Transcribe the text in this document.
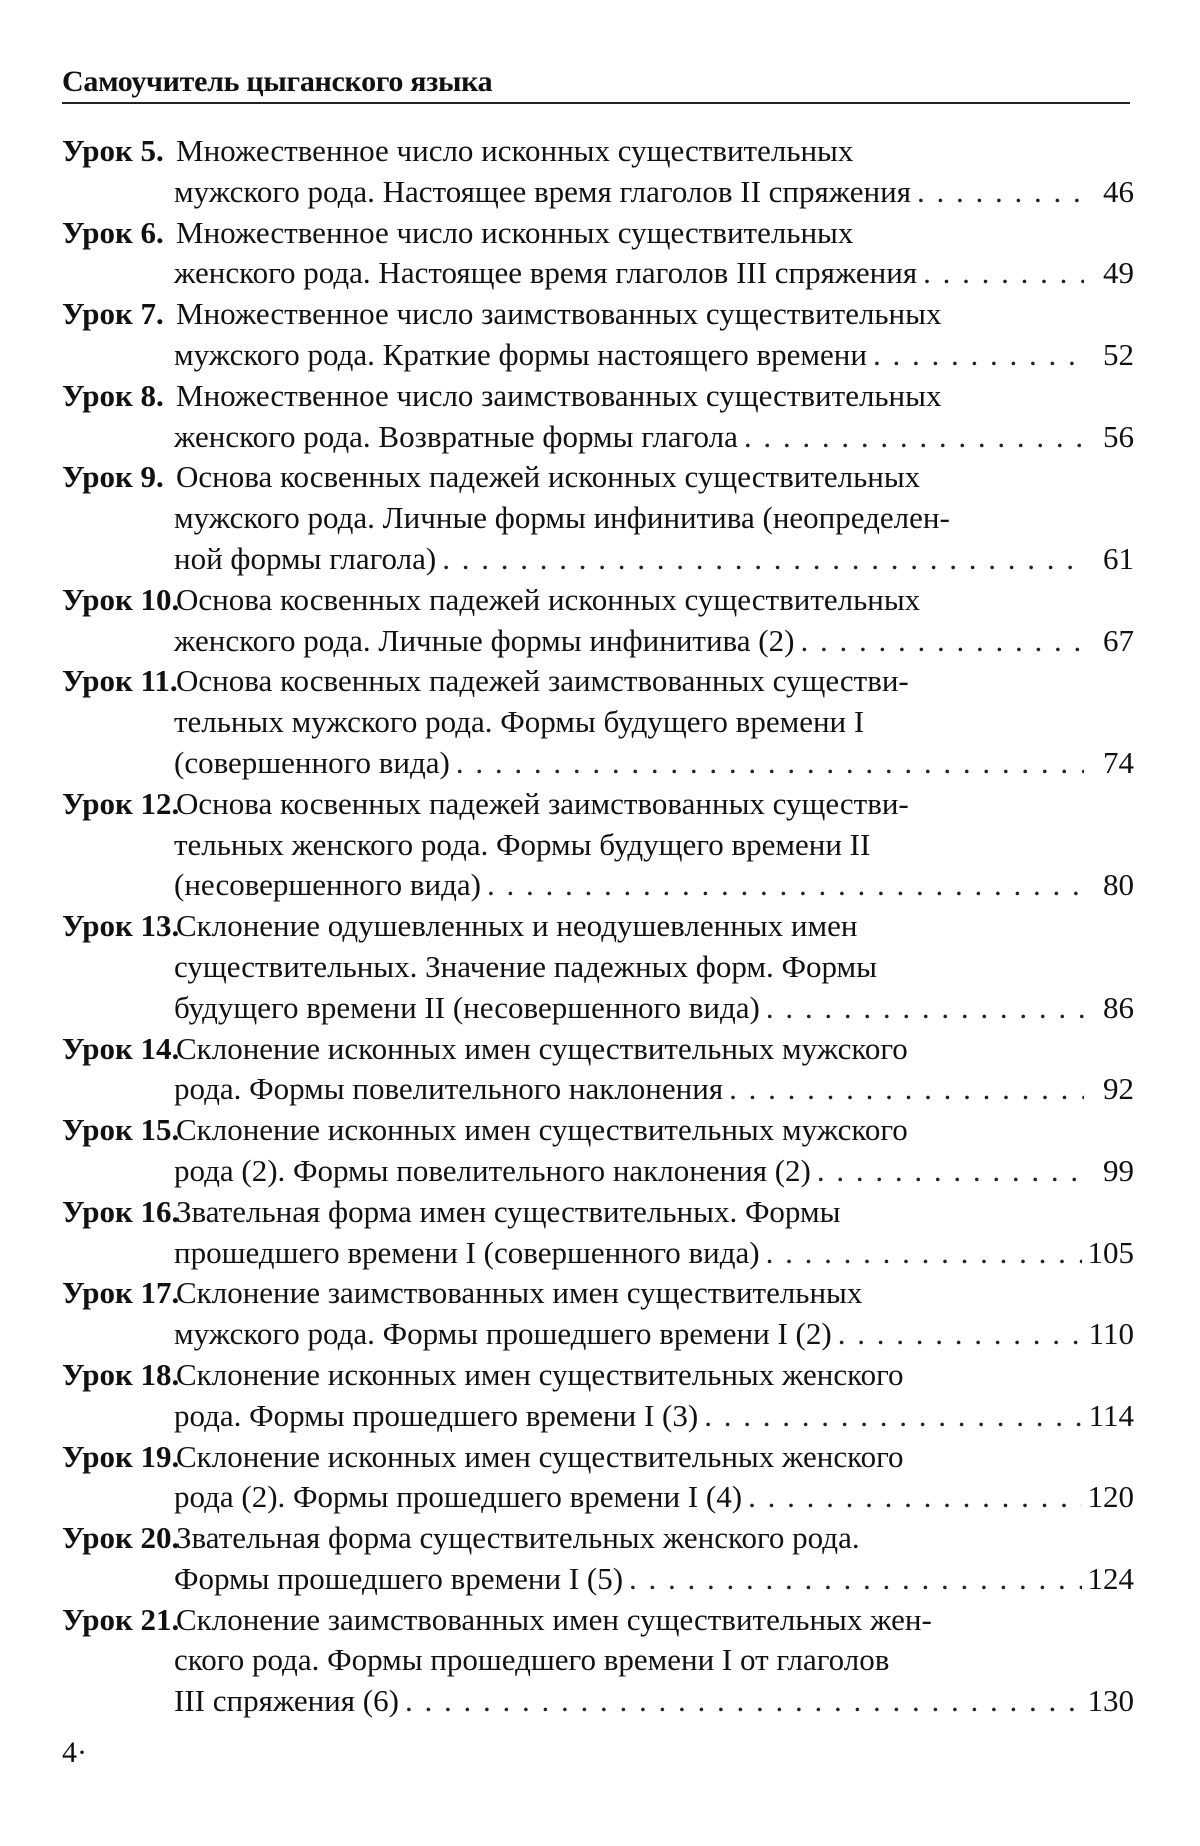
Самоучитель цыганского языка
Урок 5. Множественное число исконных существительных
мужского рода. Настоящее время глаголов II спряжения . . .	46
Урок 6. Множественное число исконных существительных
женского рода. Настоящее время глаголов III спряжения . . .	49
Урок 7. Множественное число заимствованных существительных
мужского рода. Краткие формы настоящего времени . . .	52
Урок 8. Множественное число заимствованных существительных
женского рода. Возвратные формы глагола . . .	56
Урок 9. Основа косвенных падежей исконных существительных
мужского рода. Личные формы инфинитива (неопределен-
ной формы глагола) . . .	61
Урок 10.
Основа косвенных падежей исконных существительных
женского рода. Личные формы инфинитива (2) . . .	67
Урок 11.
Основа косвенных падежей заимствованных существи-
тельных мужского рода. Формы будущего времени I
(совершенного вида) . . .	74
Урок 12.
Основа косвенных падежей заимствованных существи-
тельных женского рода. Формы будущего времени II
(несовершенного вида) . . .	80
Урок 13.
Склонение одушевленных и неодушевленных имен
существительных. Значение падежных форм. Формы
будущего времени II (несовершенного вида) . . .	86
Урок 14.
Склонение исконных имен существительных мужского
рода. Формы повелительного наклонения . . .	92
Урок 15.
Склонение исконных имен существительных мужского
рода (2). Формы повелительного наклонения (2) . . .	99
Урок 16.
Звательная форма имен существительных. Формы
прошедшего времени I (совершенного вида) . . .	105
Урок 17.
Склонение заимствованных имен существительных
мужского рода. Формы прошедшего времени I (2) . . .	110
Урок 18.
Склонение исконных имен существительных женского
рода. Формы прошедшего времени I (3) . . .	114
Урок 19.
Склонение исконных имен существительных женского
рода (2). Формы прошедшего времени I (4) . . .	120
Урок 20.
Звательная форма существительных женского рода.
Формы прошедшего времени I (5) . . .	124
Урок 21.
Склонение заимствованных имен существительных жен-
ского рода. Формы прошедшего времени I от глаголов
III спряжения (6) . . .	130
4·
